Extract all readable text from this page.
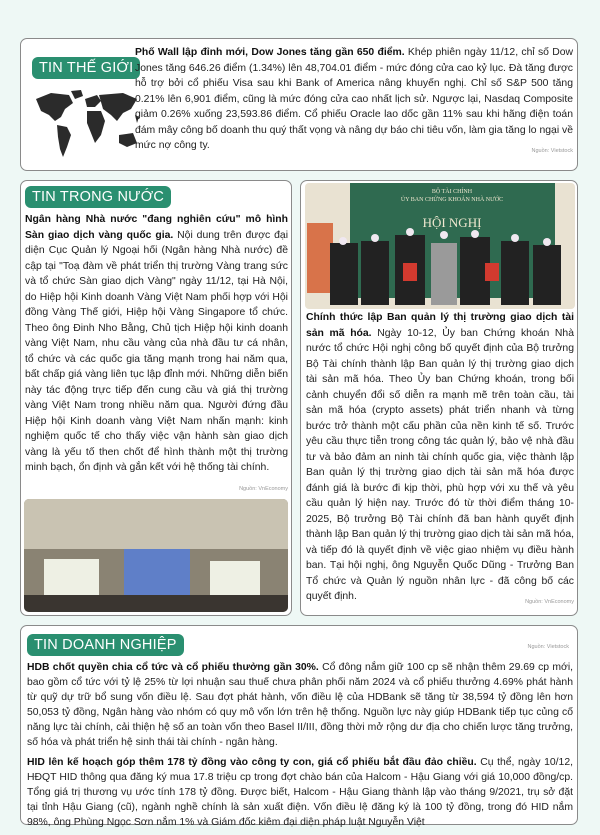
TIN THẾ GIỚI
Phố Wall lập đỉnh mới, Dow Jones tăng gần 650 điểm. Khép phiên ngày 11/12, chỉ số Dow Jones tăng 646.26 điểm (1.34%) lên 48,704.01 điểm - mức đóng cửa cao kỷ lục. Đà tăng được hỗ trợ bởi cổ phiếu Visa sau khi Bank of America nâng khuyến nghị. Chỉ số S&P 500 tăng 0.21% lên 6,901 điểm, cũng là mức đóng cửa cao nhất lịch sử. Ngược lại, Nasdaq Composite giảm 0.26% xuống 23,593.86 điểm. Cổ phiếu Oracle lao dốc gần 11% sau khi hãng điện toán đám mây công bố doanh thu quý thất vọng và nâng dự báo chi tiêu vốn, làm gia tăng lo ngại về mức nợ công ty.	Nguồn: Vietstock
TIN TRONG NƯỚC
Ngân hàng Nhà nước "đang nghiên cứu" mô hình Sàn giao dịch vàng quốc gia. Nội dung trên được đại diện Cục Quản lý Ngoại hối (Ngân hàng Nhà nước) đề cập tại "Toạ đàm về phát triển thị trường Vàng trang sức và tổ chức Sàn giao dịch Vàng" ngày 11/12, tại Hà Nội, do Hiệp hội Kinh doanh Vàng Việt Nam phối hợp với Hội đồng Vàng Thế giới, Hiệp hội Vàng Singapore tổ chức. Theo ông Đinh Nho Bằng, Chủ tịch Hiệp hội kinh doanh vàng Việt Nam, nhu cầu vàng của nhà đầu tư cá nhân, tổ chức và các quốc gia tăng mạnh trong hai năm qua, bất chấp giá vàng liên tục lập đỉnh mới. Những diễn biến này tác động trực tiếp đến cung cầu và giá thị trường vàng Việt Nam trong nhiều năm qua. Người đứng đầu Hiệp hội Kinh doanh vàng Việt Nam nhấn mạnh: kinh nghiệm quốc tế cho thấy việc vận hành sàn giao dịch vàng là yếu tố then chốt để hình thành một thị trường minh bạch, ổn định và gắn kết với hệ thống tài chính.
Nguồn: VnEconomy
BỘ TÀI CHÍNH
ỦY BAN CHỨNG KHOÁN NHÀ NƯỚC
HỘI NGHỊ
Chính thức lập Ban quản lý thị trường giao dịch tài sản mã hóa. Ngày 10-12, Ủy ban Chứng khoán Nhà nước tổ chức Hội nghị công bố quyết định của Bộ trưởng Bộ Tài chính thành lập Ban quản lý thị trường giao dịch tài sản mã hóa. Theo Ủy ban Chứng khoán, trong bối cảnh chuyển đổi số diễn ra mạnh mẽ trên toàn cầu, tài sản mã hóa (crypto assets) phát triển nhanh và từng bước trở thành một cấu phần của nền kinh tế số. Trước yêu cầu thực tiễn trong công tác quản lý, bảo vệ nhà đầu tư và bảo đảm an ninh tài chính quốc gia, việc thành lập Ban quản lý thị trường giao dịch tài sản mã hóa được đánh giá là bước đi kịp thời, phù hợp với xu thế và yêu cầu quản lý hiện nay. Trước đó từ thời điểm tháng 10-2025, Bộ trưởng Bộ Tài chính đã ban hành quyết định thành lập Ban quản lý thị trường giao dịch tài sản mã hóa, và tiếp đó là quyết định về việc giao nhiệm vụ điều hành ban. Tại hội nghị, ông Nguyễn Quốc Dũng - Trưởng Ban Tổ chức và Quản lý nguồn nhân lực - đã công bố các quyết định.	Nguồn: VnEconomy
TIN DOANH NGHIỆP	Nguồn: Vietstock

HDB chốt quyền chia cổ tức và cổ phiếu thưởng gần 30%. Cổ đông nắm giữ 100 cp sẽ nhận thêm 29.69 cp mới, bao gồm cổ tức với tỷ lệ 25% từ lợi nhuận sau thuế chưa phân phối năm 2024 và cổ phiếu thưởng 4.69% phát hành từ quỹ dự trữ bổ sung vốn điều lệ. Sau đợt phát hành, vốn điều lệ của HDBank sẽ tăng từ 38,594 tỷ đồng lên hơn 50,053 tỷ đồng, Ngân hàng vào nhóm có quy mô vốn lớn trên hệ thống. Nguồn lực này giúp HDBank tiếp tục củng cố năng lực tài chính, cải thiện hệ số an toàn vốn theo Basel II/III, đồng thời mở rộng dư địa cho chiến lược tăng trưởng, số hóa và phát triển hệ sinh thái tài chính - ngân hàng.

HID lên kế hoạch góp thêm 178 tỷ đồng vào công ty con, giá cổ phiếu bắt đầu đảo chiều. Cụ thể, ngày 10/12, HĐQT HID thông qua đăng ký mua 17.8 triệu cp trong đợt chào bán của Halcom - Hậu Giang với giá 10,000 đồng/cp. Tổng giá trị thương vụ ước tính 178 tỷ đồng. Được biết, Halcom - Hậu Giang thành lập vào tháng 9/2021, trụ sở đặt tại tỉnh Hậu Giang (cũ), ngành nghề chính là sản xuất điện. Vốn điều lệ đăng ký là 100 tỷ đồng, trong đó HID nắm 98%, ông Phùng Ngọc Sơn nắm 1% và Giám đốc kiêm đại diện pháp luật Nguyễn Việt
